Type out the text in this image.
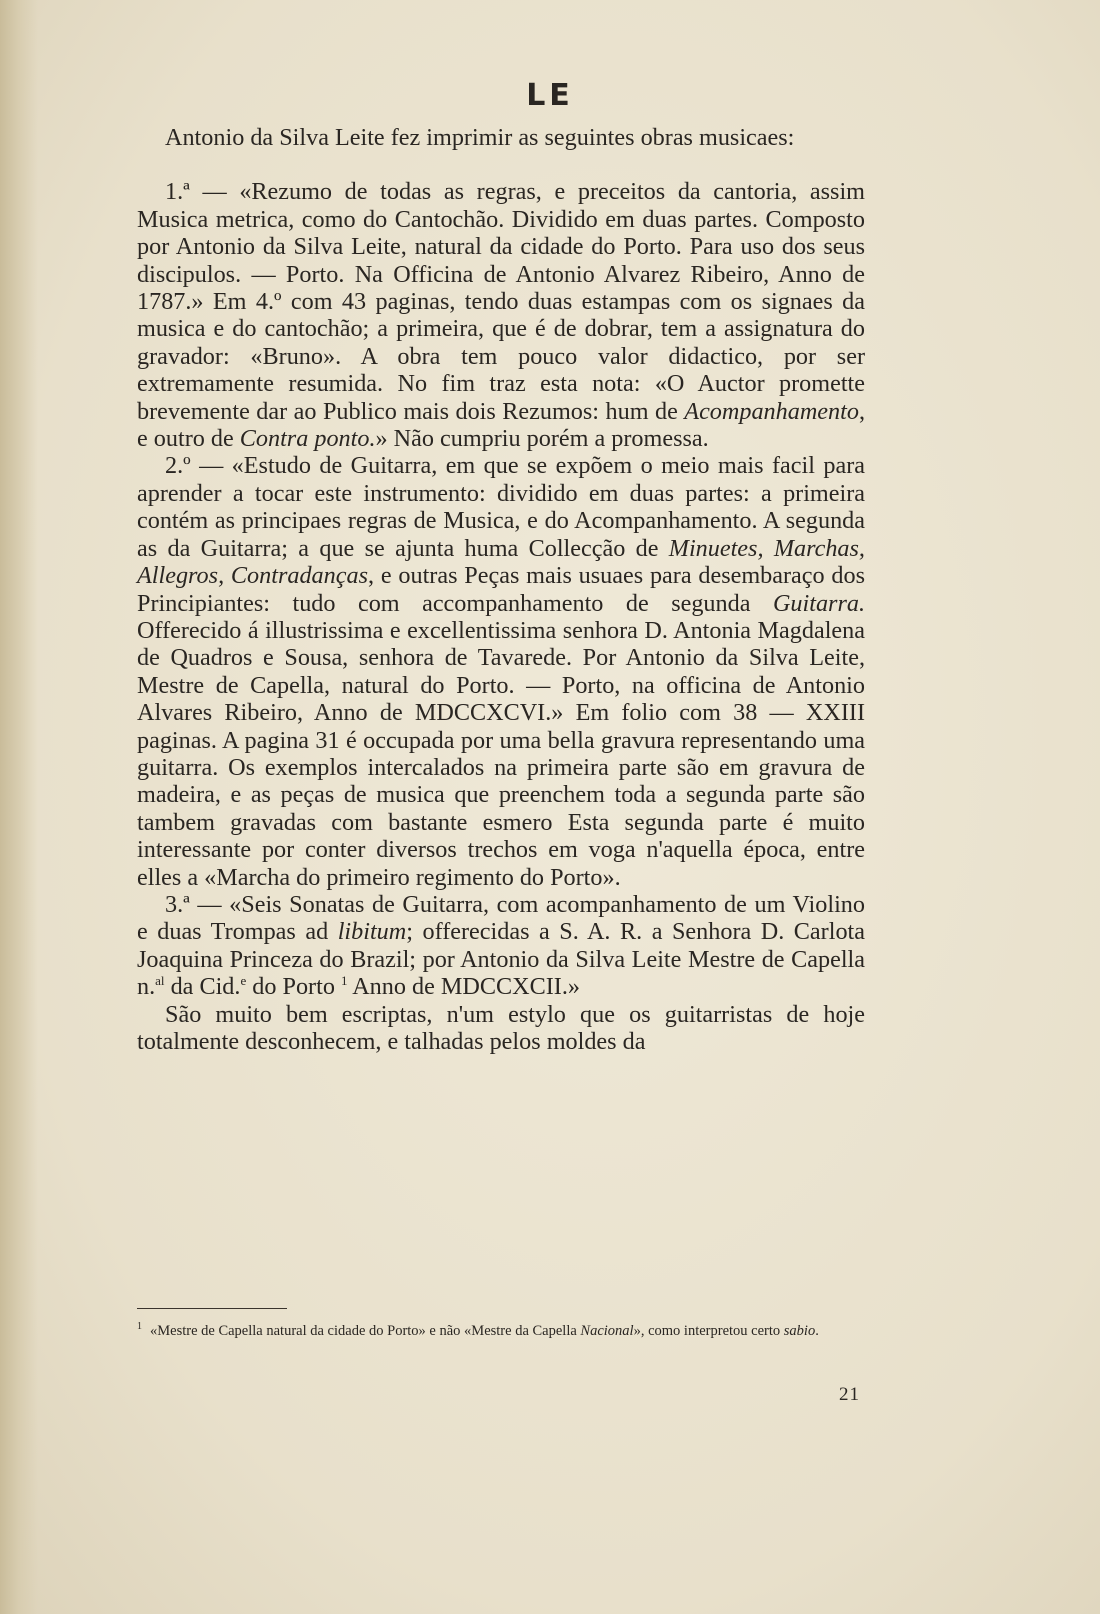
LE

Antonio da Silva Leite fez imprimir as seguintes obras musicaes:

1.ª — «Rezumo de todas as regras, e preceitos da cantoria, assim Musica metrica, como do Cantochão. Dividido em duas partes. Composto por Antonio da Silva Leite, natural da cidade do Porto. Para uso dos seus discipulos. — Porto. Na Officina de Antonio Alvarez Ribeiro, Anno de 1787.» Em 4.º com 43 paginas, tendo duas estampas com os signaes da musica e do cantochão; a primeira, que é de dobrar, tem a assignatura do gravador: «Bruno». A obra tem pouco valor didactico, por ser extremamente resumida. No fim traz esta nota: «O Auctor promette brevemente dar ao Publico mais dois Rezumos: hum de Acompanhamento, e outro de Contra ponto.» Não cumpriu porém a promessa.

2.º — «Estudo de Guitarra, em que se expõem o meio mais facil para aprender a tocar este instrumento: dividido em duas partes: a primeira contém as principaes regras de Musica, e do Acompanhamento. A segunda as da Guitarra; a que se ajunta huma Collecção de Minuetes, Marchas, Allegros, Contradanças, e outras Peças mais usuaes para desembaraço dos Principiantes: tudo com accompanhamento de segunda Guitarra. Offerecido á illustrissima e excellentissima senhora D. Antonia Magdalena de Quadros e Sousa, senhora de Tavarede. Por Antonio da Silva Leite, Mestre de Capella, natural do Porto. — Porto, na officina de Antonio Alvares Ribeiro, Anno de MDCCXCVI.» Em folio com 38 — XXIII paginas. A pagina 31 é occupada por uma bella gravura representando uma guitarra. Os exemplos intercalados na primeira parte são em gravura de madeira, e as peças de musica que preenchem toda a segunda parte são tambem gravadas com bastante esmero Esta segunda parte é muito interessante por conter diversos trechos em voga n'aquella época, entre elles a «Marcha do primeiro regimento do Porto».

3.ª — «Seis Sonatas de Guitarra, com acompanhamento de um Violino e duas Trompas ad libitum; offerecidas a S. A. R. a Senhora D. Carlota Joaquina Princeza do Brazil; por Antonio da Silva Leite Mestre de Capella n.$^{al}$ da Cid.$^e$ do Porto $^1$ Anno de MDCCXCII.»

São muito bem escriptas, n'um estylo que os guitarristas de hoje totalmente desconhecem, e talhadas pelos moldes da

$^1$ «Mestre de Capella natural da cidade do Porto» e não «Mestre da Capella Nacional», como interpretou certo sabio.
21
